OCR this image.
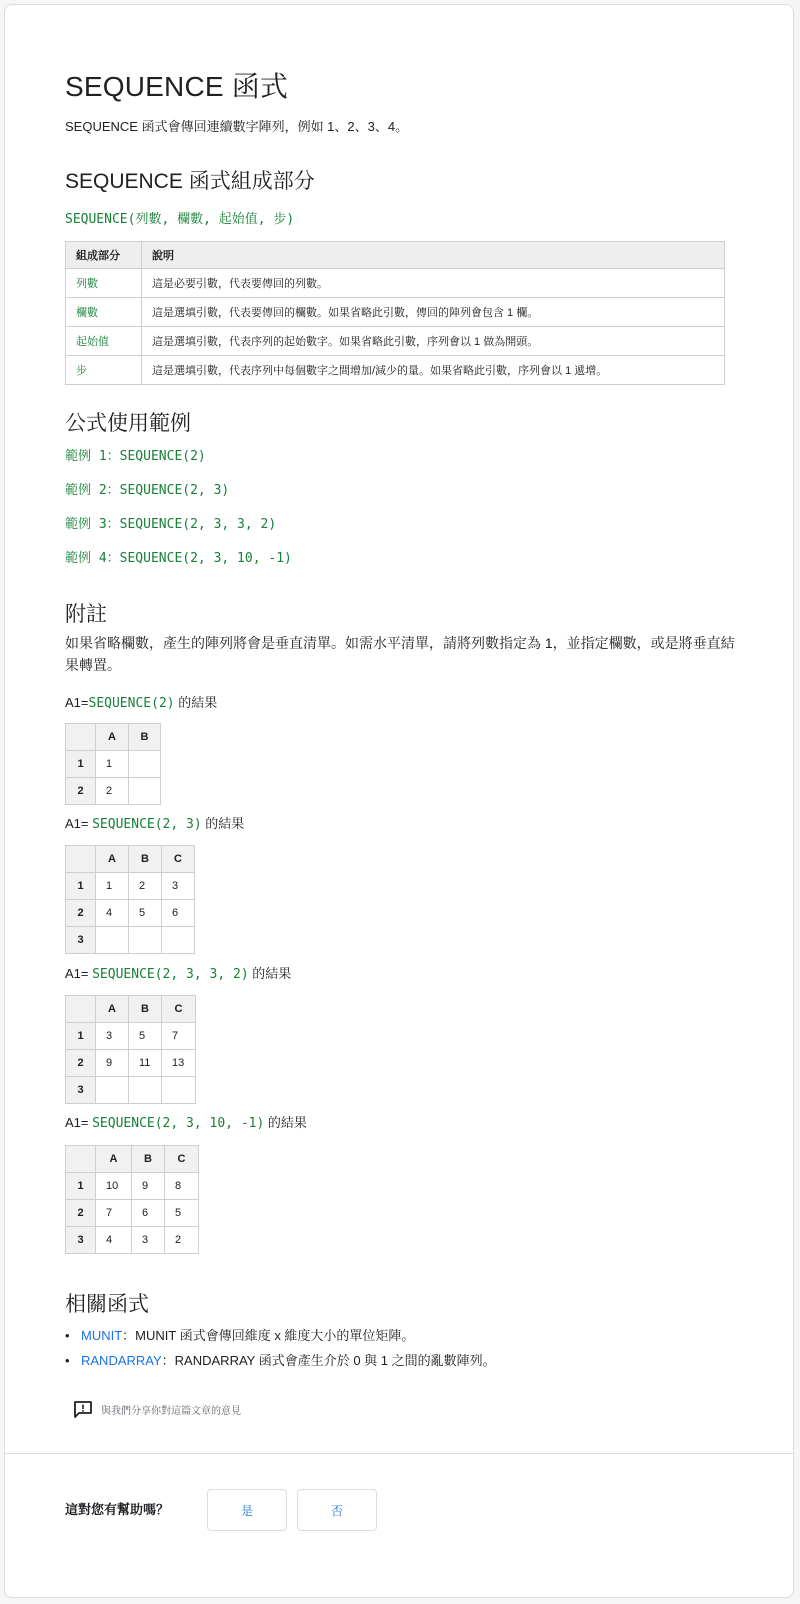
SEQUENCE 函式

SEQUENCE 函式會傳回連續數字陣列，例如 1、2、3、4。

SEQUENCE 函式組成部分

SEQUENCE(列數, 欄數, 起始值, 步)

組成部分	說明
列數	這是必要引數，代表要傳回的列數。
欄數	這是選填引數，代表要傳回的欄數。如果省略此引數，傳回的陣列會包含 1 欄。
起始值	這是選填引數，代表序列的起始數字。如果省略此引數，序列會以 1 做為開頭。
步	這是選填引數，代表序列中每個數字之間增加/減少的量。如果省略此引數，序列會以 1 遞增。
公式使用範例

範例 1：SEQUENCE(2)

範例 2：SEQUENCE(2, 3)

範例 3：SEQUENCE(2, 3, 3, 2)

範例 4：SEQUENCE(2, 3, 10, -1)

附註

如果省略欄數，產生的陣列將會是垂直清單。如需水平清單，請將列數指定為 1，並指定欄數，或是將垂直結果轉置。

A1=SEQUENCE(2) 的結果

	A	B
1	1	
2	2	

A1= SEQUENCE(2, 3) 的結果

	A	B	C
1	1	2	3
2	4	5	6
3			

A1= SEQUENCE(2, 3, 3, 2) 的結果

	A	B	C
1	3	5	7
2	9	11	13
3			

A1= SEQUENCE(2, 3, 10, -1) 的結果

	A	B	C
1	10	9	8
2	7	6	5
3	4	3	2
相關函式
• MUNIT：MUNIT 函式會傳回維度 x 維度大小的單位矩陣。
• RANDARRAY：RANDARRAY 函式會產生介於 0 與 1 之間的亂數陣列。
與我們分享你對這篇文章的意見
這對您有幫助嗎？	是	否
